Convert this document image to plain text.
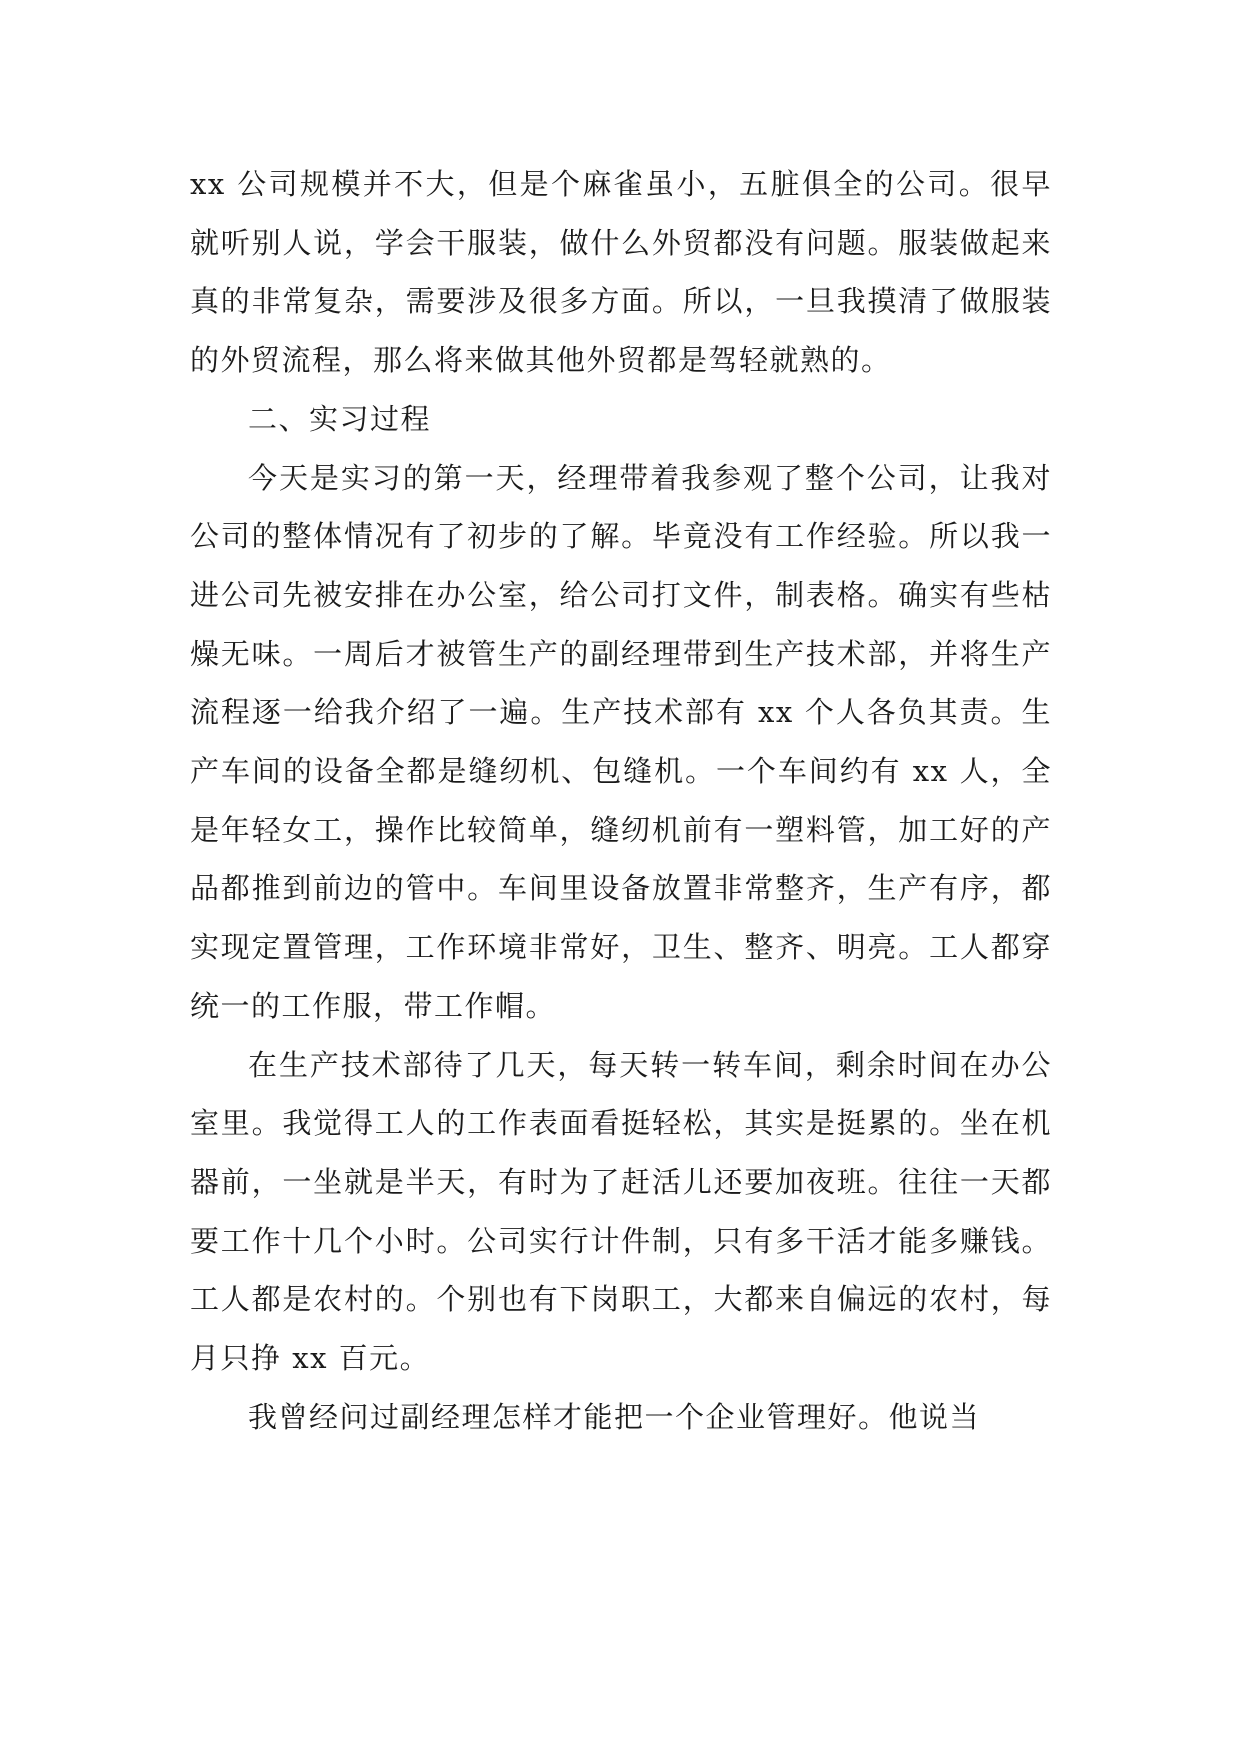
xx 公司规模并不大，但是个麻雀虽小，五脏俱全的公司。很早就听别人说，学会干服装，做什么外贸都没有问题。服装做起来真的非常复杂，需要涉及很多方面。所以，一旦我摸清了做服装的外贸流程，那么将来做其他外贸都是驾轻就熟的。

二、实习过程

今天是实习的第一天，经理带着我参观了整个公司，让我对公司的整体情况有了初步的了解。毕竟没有工作经验。所以我一进公司先被安排在办公室，给公司打文件，制表格。确实有些枯燥无味。一周后才被管生产的副经理带到生产技术部，并将生产流程逐一给我介绍了一遍。生产技术部有 xx 个人各负其责。生产车间的设备全都是缝纫机、包缝机。一个车间约有 xx 人，全是年轻女工，操作比较简单，缝纫机前有一塑料管，加工好的产品都推到前边的管中。车间里设备放置非常整齐，生产有序，都实现定置管理，工作环境非常好，卫生、整齐、明亮。工人都穿统一的工作服，带工作帽。

在生产技术部待了几天，每天转一转车间，剩余时间在办公室里。我觉得工人的工作表面看挺轻松，其实是挺累的。坐在机器前，一坐就是半天，有时为了赶活儿还要加夜班。往往一天都要工作十几个小时。公司实行计件制，只有多干活才能多赚钱。工人都是农村的。个别也有下岗职工，大都来自偏远的农村，每月只挣 xx 百元。

我曾经问过副经理怎样才能把一个企业管理好。他说当
